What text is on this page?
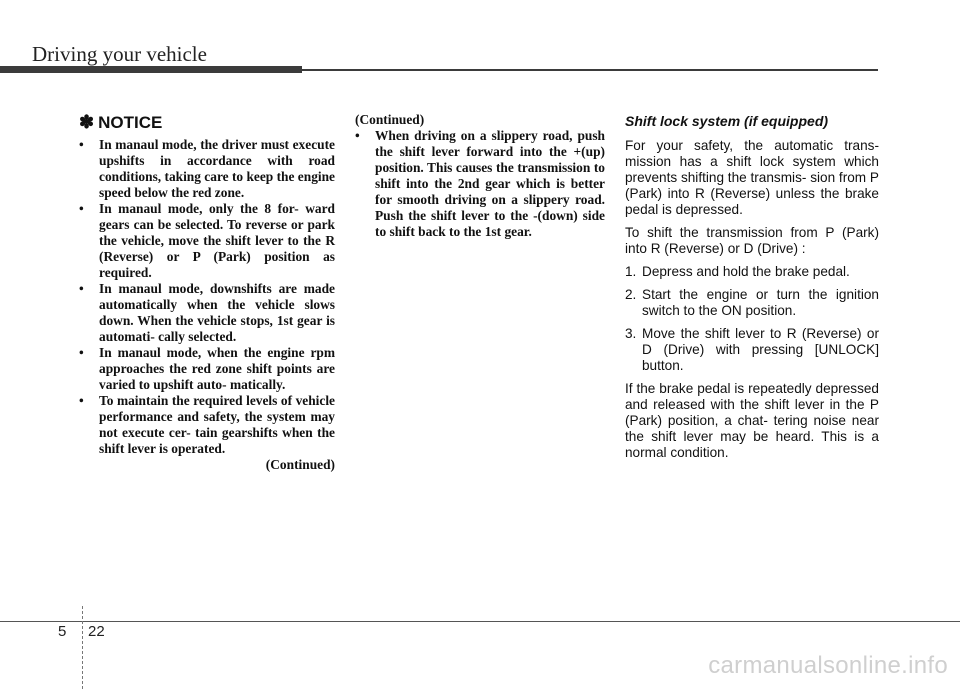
Driving your vehicle
✽ NOTICE
• In manaul mode, the driver must execute upshifts in accordance with road conditions, taking care to keep the engine speed below the red zone.
• In manaul mode, only the 8 for- ward gears can be selected. To reverse or park the vehicle, move the shift lever to the R (Reverse) or P (Park) position as required.
• In manaul mode, downshifts are made automatically when the vehicle slows down. When the vehicle stops, 1st gear is automati- cally selected.
• In manaul mode, when the engine rpm approaches the red zone shift points are varied to upshift auto- matically.
• To maintain the required levels of vehicle performance and safety, the system may not execute cer- tain gearshifts when the shift lever is operated.
(Continued)
(Continued)
• When driving on a slippery road, push the shift lever forward into the +(up) position. This causes the transmission to shift into the 2nd gear which is better for smooth driving on a slippery road. Push the shift lever to the -(down) side to shift back to the 1st gear.
Shift lock system (if equipped)

For your safety, the automatic trans- mission has a shift lock system which prevents shifting the transmis- sion from P (Park) into R (Reverse) unless the brake pedal is depressed.

To shift the transmission from P (Park) into R (Reverse) or D (Drive) :

1. Depress and hold the brake pedal.
2. Start the engine or turn the ignition switch to the ON position.
3. Move the shift lever to R (Reverse) or D (Drive) with pressing [UNLOCK] button.

If the brake pedal is repeatedly depressed and released with the shift lever in the P (Park) position, a chat- tering noise near the shift lever may be heard. This is a normal condition.

5 22
carmanualsonline.info
